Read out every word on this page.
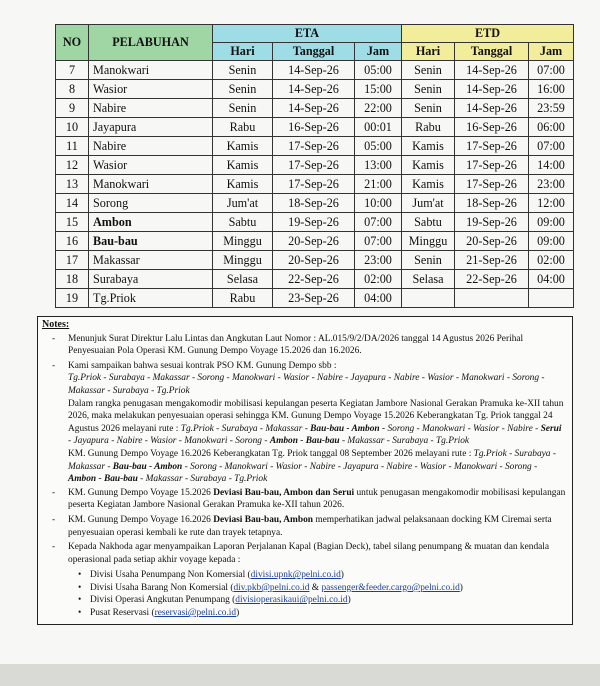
NO	PELABUHAN	ETA			ETD		
		Hari	Tanggal	Jam	Hari	Tanggal	Jam
7	Manokwari	Senin	14-Sep-26	05:00	Senin	14-Sep-26	07:00
8	Wasior	Senin	14-Sep-26	15:00	Senin	14-Sep-26	16:00
9	Nabire	Senin	14-Sep-26	22:00	Senin	14-Sep-26	23:59
10	Jayapura	Rabu	16-Sep-26	00:01	Rabu	16-Sep-26	06:00
11	Nabire	Kamis	17-Sep-26	05:00	Kamis	17-Sep-26	07:00
12	Wasior	Kamis	17-Sep-26	13:00	Kamis	17-Sep-26	14:00
13	Manokwari	Kamis	17-Sep-26	21:00	Kamis	17-Sep-26	23:00
14	Sorong	Jum'at	18-Sep-26	10:00	Jum'at	18-Sep-26	12:00
15	Ambon	Sabtu	19-Sep-26	07:00	Sabtu	19-Sep-26	09:00
16	Bau-bau	Minggu	20-Sep-26	07:00	Minggu	20-Sep-26	09:00
17	Makassar	Minggu	20-Sep-26	23:00	Senin	21-Sep-26	02:00
18	Surabaya	Selasa	22-Sep-26	02:00	Selasa	22-Sep-26	04:00
19	Tg.Priok	Rabu	23-Sep-26	04:00			
Notes:
- Menunjuk Surat Direktur Lalu Lintas dan Angkutan Laut Nomor : AL.015/9/2/DA/2026 tanggal 14 Agustus 2026 Perihal Penyesuaian Pola Operasi KM. Gunung Dempo Voyage 15.2026 dan 16.2026.
- Kami sampaikan bahwa sesuai kontrak PSO KM. Gunung Dempo sbb :
Tg.Priok - Surabaya - Makassar - Sorong - Manokwari - Wasior - Nabire - Jayapura - Nabire - Wasior - Manokwari - Sorong - Makassar - Surabaya - Tg.Priok
Dalam rangka penugasan mengakomodir mobilisasi kepulangan peserta Kegiatan Jambore Nasional Gerakan Pramuka ke-XII tahun 2026, maka melakukan penyesuaian operasi sehingga KM. Gunung Dempo Voyage 15.2026 Keberangkatan Tg. Priok tanggal 24 Agustus 2026 melayani rute : Tg.Priok - Surabaya - Makassar - Bau-bau - Ambon - Sorong - Manokwari - Wasior - Nabire - Serui - Jayapura - Nabire - Wasior - Manokwari - Sorong - Ambon - Bau-bau - Makassar - Surabaya - Tg.Priok
KM. Gunung Dempo Voyage 16.2026 Keberangkatan Tg. Priok tanggal 08 September 2026 melayani rute : Tg.Priok - Surabaya - Makassar - Bau-bau - Ambon - Sorong - Manokwari - Wasior - Nabire - Jayapura - Nabire - Wasior - Manokwari - Sorong - Ambon - Bau-bau - Makassar - Surabaya - Tg.Priok
- KM. Gunung Dempo Voyage 15.2026 Deviasi Bau-bau, Ambon dan Serui untuk penugasan mengakomodir mobilisasi kepulangan peserta Kegiatan Jambore Nasional Gerakan Pramuka ke-XII tahun 2026.
- KM. Gunung Dempo Voyage 16.2026 Deviasi Bau-bau, Ambon memperhatikan jadwal pelaksanaan docking KM Ciremai serta penyesuaian operasi kembali ke rute dan trayek tetapnya.
- Kepada Nakhoda agar menyampaikan Laporan Perjalanan Kapal (Bagian Deck), tabel silang penumpang & muatan dan kendala operasional pada setiap akhir voyage kepada :
• Divisi Usaha Penumpang Non Komersial (divisi.upnk@pelni.co.id)
• Divisi Usaha Barang Non Komersial (div.pkb@pelni.co.id & passenger&feeder.cargo@pelni.co.id)
• Divisi Operasi Angkutan Penumpang (divisioperasikaui@pelni.co.id)
• Pusat Reservasi (reservasi@pelni.co.id)
